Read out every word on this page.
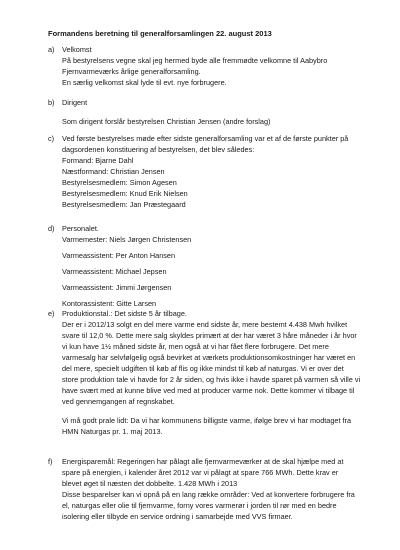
Formandens beretning til generalforsamlingen 22. august 2013
a) Velkomst
På bestyrelsens vegne skal jeg hermed byde alle fremmødte velkomne til Aabybro
Fjernvarmeværks årlige generalforsamling.
En særlig velkomst skal lyde til evt. nye forbrugere.
b) Dirigent
Som dirigent forslår bestyrelsen Christian Jensen (andre forslag)
c) Ved første bestyrelses møde efter sidste generalforsamling var et af de første punkter på
dagsordenen konstituering af bestyrelsen, det blev således:
Formand: Bjarne Dahl
Næstformand: Christian Jensen
Bestyrelsesmedlem: Simon Agesen
Bestyrelsesmedlem: Knud Erik Nielsen
Bestyrelsesmedlem: Jan Præstegaard
d) Personalet.
Varmemester: Niels Jørgen Christensen
Varmeassistent: Per Anton Hansen
Varmeassistent: Michael Jepsen
Varmeassistent: Jimmi Jørgensen
Kontorassistent: Gitte Larsen
e) Produktionstal.: Det sidste 5 år tilbage.
Der er i 2012/13 solgt en del mere varme end sidste år, mere bestemt 4.438 Mwh hvilket
svare til 12,0 %. Dette mere salg skyldes primært at der har været 3 håre måneder i år hvor
vi kun have 1½ måned sidste år, men også at vi har fået flere forbrugere. Det mere
varmesalg har selvfølgelig også bevirket at værkets produktionsomkostninger har været en
del mere, specielt udgiften til køb af flis og ikke mindst til køb af naturgas. Vi er over det
store produktion tale vi havde for 2 år siden, og hvis ikke i havde sparet på varmen så ville vi
have svært med at kunne blive ved med at producer varme nok. Dette kommer vi tilbage til
ved gennemgangen af regnskabet.
Vi må godt prale lidt: Da vi har kommunens billigste varme, ifølge brev vi har modtaget fra
HMN Naturgas pr. 1. maj 2013.
f) Energisparemål: Regeringen har pålagt alle fjernvarmeværker at de skal hjælpe med at
spare på energien, i kalender året 2012 var vi pålagt at spare 766 MWh. Dette krav er
blevet øget til næsten det dobbelte. 1.428 MWh i 2013
Disse besparelser kan vi opnå på en lang række områder: Ved at konvertere forbrugere fra
el, naturgas eller olie til fjernvarme, forny vores varmerør i jorden til rør med en bedre
isolering eller tilbyde en service ordning i samarbejde med VVS firmaer.
